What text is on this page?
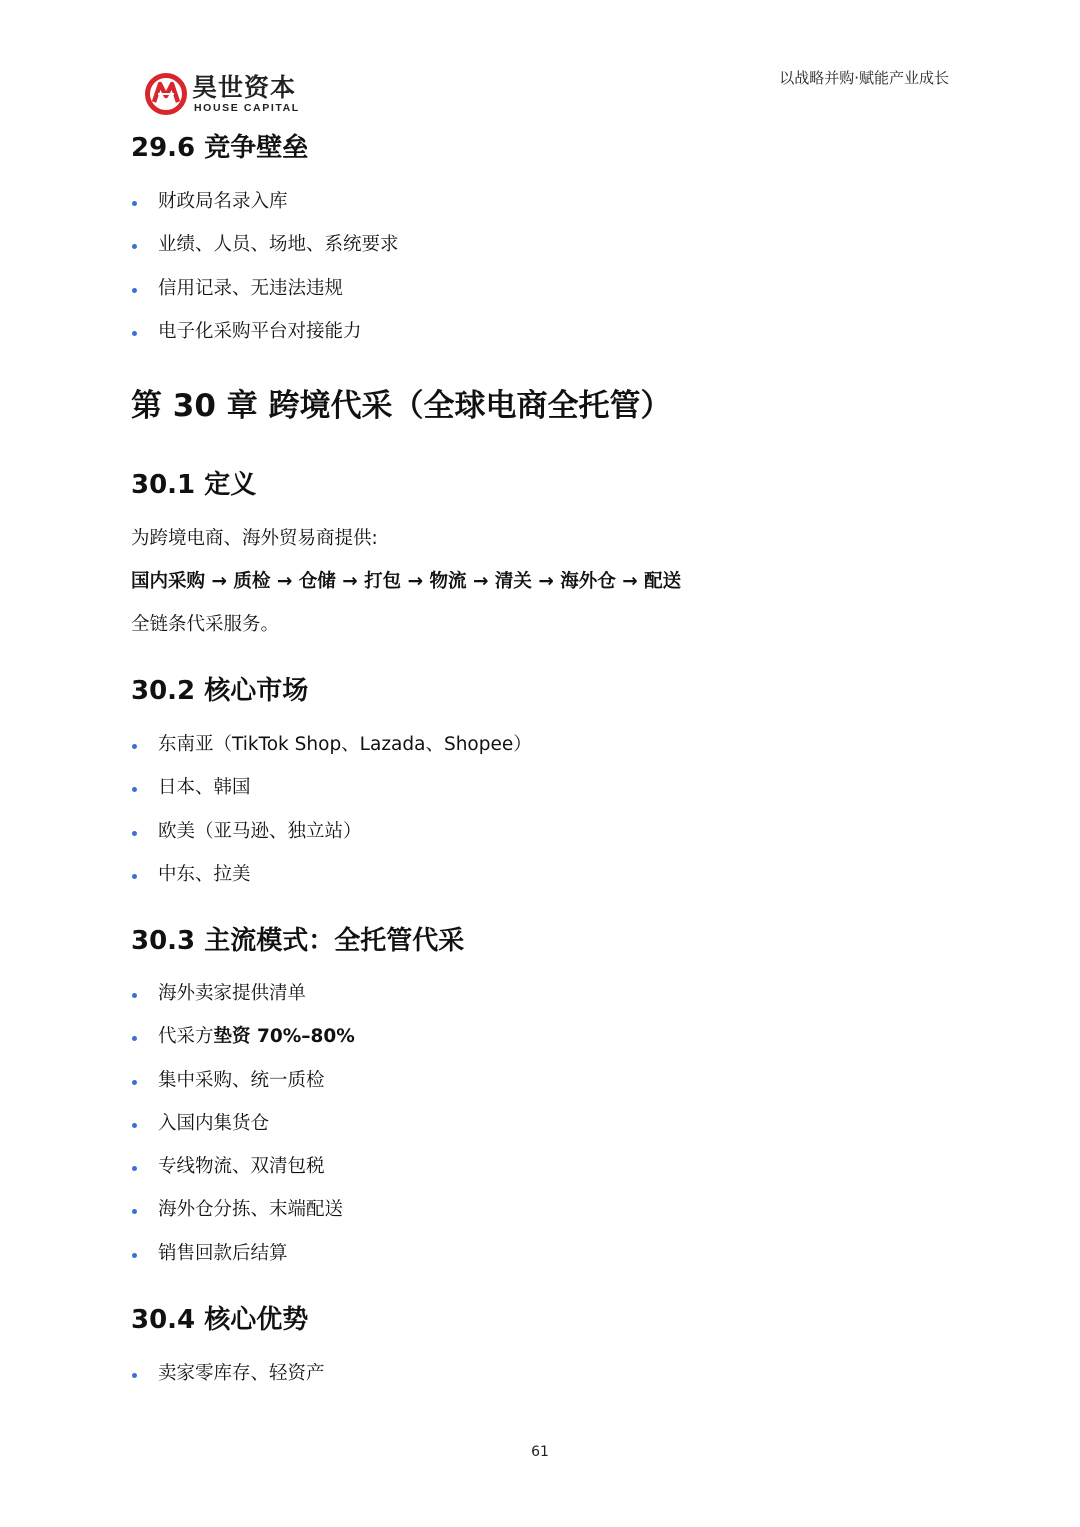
昊世资本
HOUSE CAPITAL
以战略并购·赋能产业成长
29.6 竞争壁垒
财政局名录入库
业绩、人员、场地、系统要求
信用记录、无违法违规
电子化采购平台对接能力
第 30 章 跨境代采（全球电商全托管）
30.1 定义

为跨境电商、海外贸易商提供:

国内采购 → 质检 → 仓储 → 打包 → 物流 → 清关 → 海外仓 → 配送

全链条代采服务。

30.2 核心市场
东南亚（TikTok Shop、Lazada、Shopee）
日本、韩国
欧美（亚马逊、独立站）
中东、拉美
30.3 主流模式：全托管代采
海外卖家提供清单
代采方垫资 70%–80%
集中采购、统一质检
入国内集货仓
专线物流、双清包税
海外仓分拣、末端配送
销售回款后结算
30.4 核心优势
卖家零库存、轻资产
61
